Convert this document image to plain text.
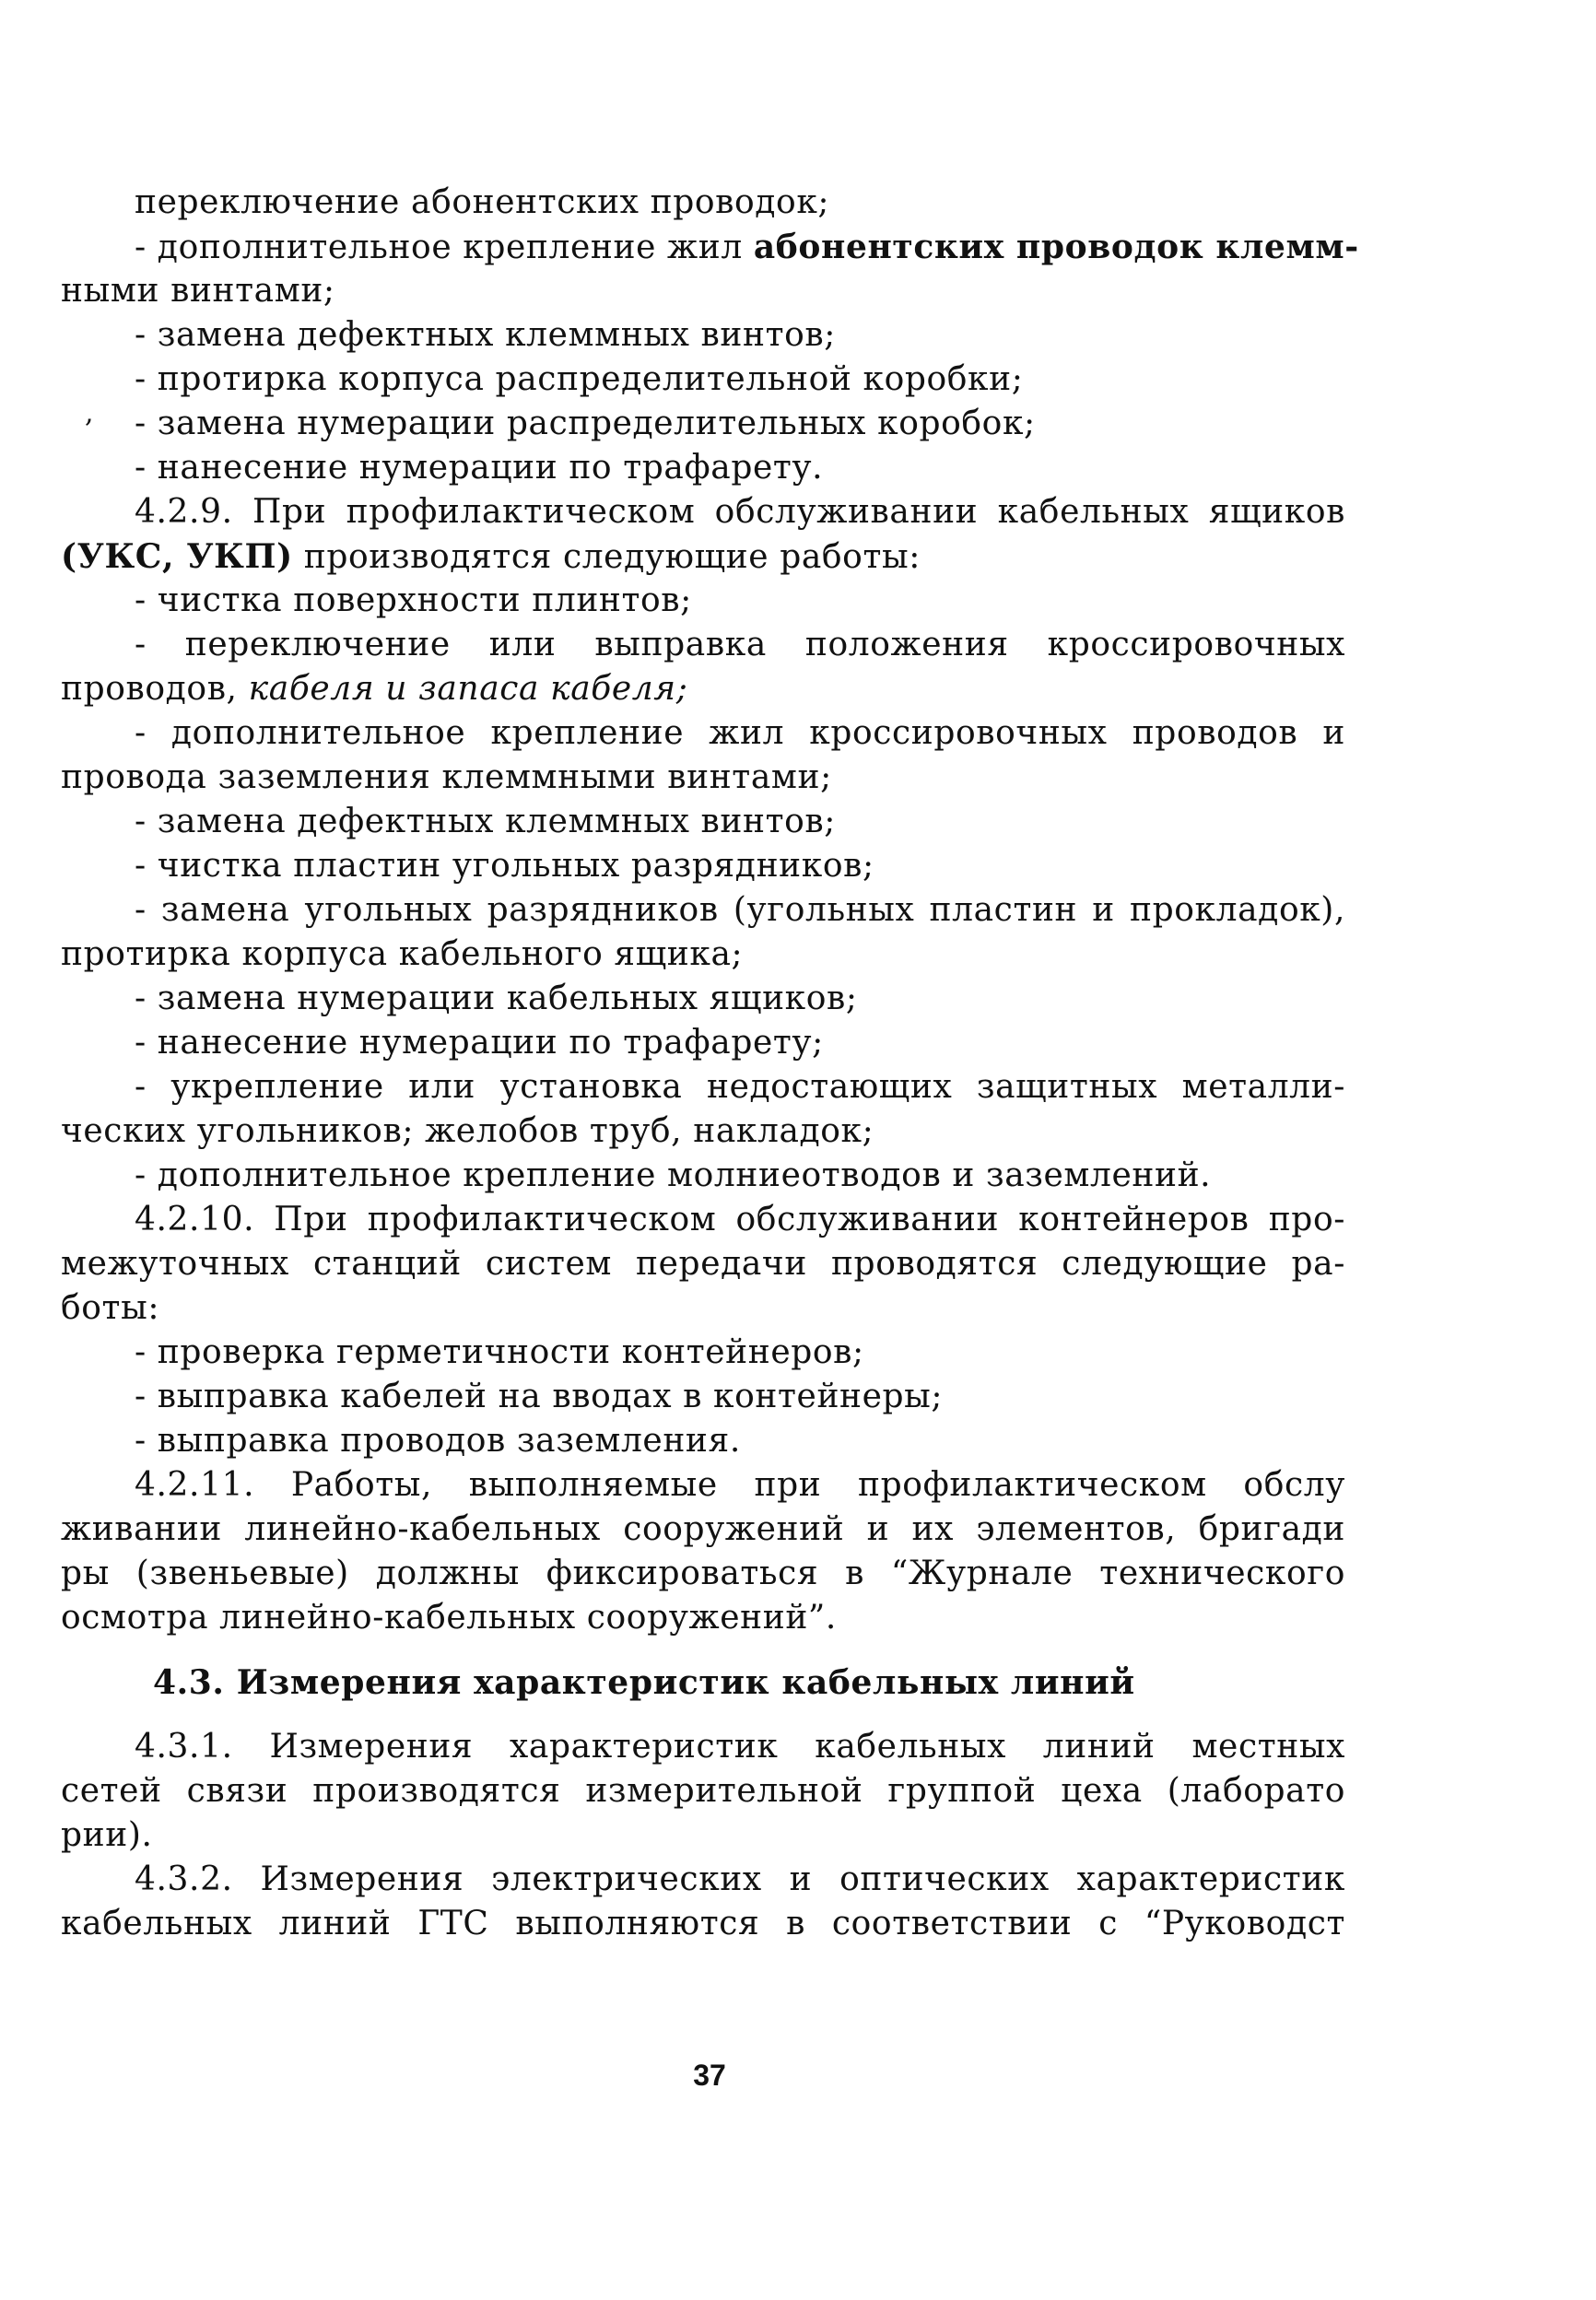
,
переключение абонентских проводок;
- дополнительное крепление жил абонентских проводок клемм-
ными винтами;
- замена дефектных клеммных винтов;
- протирка корпуса распределительной коробки;
- замена нумерации распределительных коробок;
- нанесение нумерации по трафарету.
4.2.9. При профилактическом обслуживании кабельных ящиков
(УКС, УКП) производятся следующие работы:
- чистка поверхности плинтов;
- переключение или выправка положения кроссировочных
проводов, кабеля и запаса кабеля;
- дополнительное крепление жил кроссировочных проводов и
провода заземления клеммными винтами;
- замена дефектных клеммных винтов;
- чистка пластин угольных разрядников;
- замена угольных разрядников (угольных пластин и прокладок),
протирка корпуса кабельного ящика;
- замена нумерации кабельных ящиков;
- нанесение нумерации по трафарету;
- укрепление или установка недостающих защитных металли-
ческих угольников; желобов труб, накладок;
- дополнительное крепление молниеотводов и заземлений.
4.2.10. При профилактическом обслуживании контейнеров про-
межуточных станций систем передачи проводятся следующие ра-
боты:
- проверка герметичности контейнеров;
- выправка кабелей на вводах в контейнеры;
- выправка проводов заземления.
4.2.11. Работы, выполняемые при профилактическом обслу
живании линейно-кабельных сооружений и их элементов, бригади
ры (звеньевые) должны фиксироваться в “Журнале технического
осмотра линейно-кабельных сооружений”.
4.3. Измерения характеристик кабельных линий
4.3.1. Измерения характеристик кабельных линий местных
сетей связи производятся измерительной группой цеха (лаборато
рии).
4.3.2. Измерения электрических и оптических характеристик
кабельных линий ГТС выполняются в соответствии с “Руководст
37
